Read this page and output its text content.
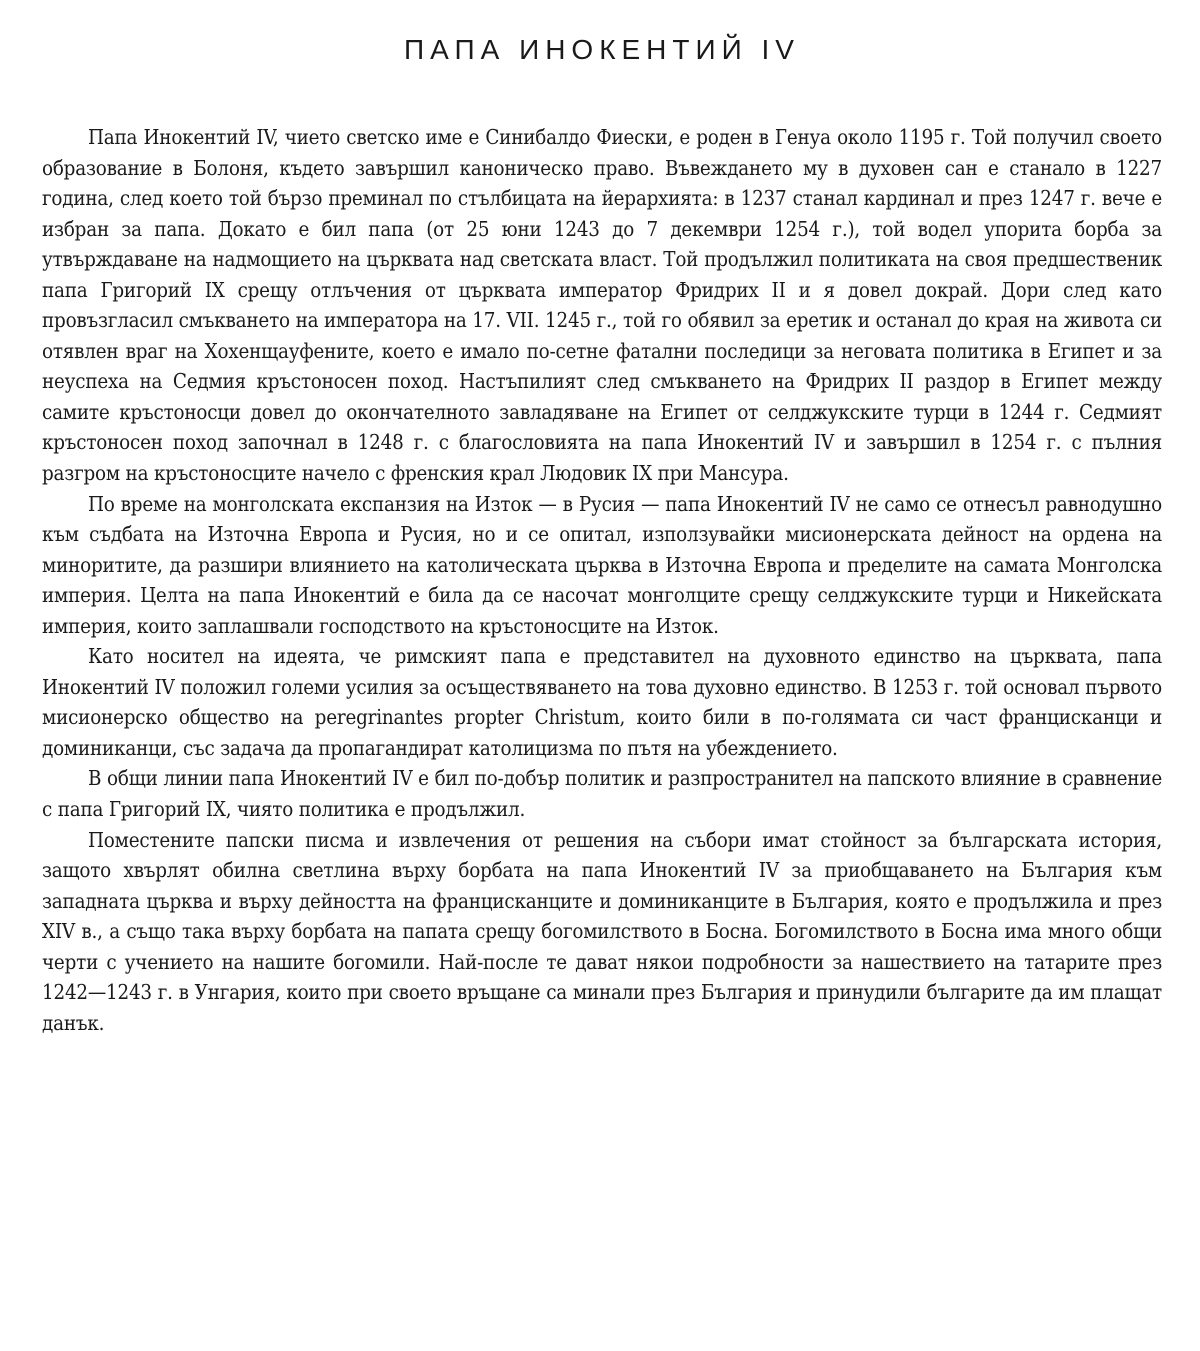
ПАПА ИНОКЕНТИЙ IV

Папа Инокентий IV, чието светско име е Синибалдо Фиески, е роден в Генуа около 1195 г. Той получил своето образование в Болоня, където завършил каноническо право. Въвеждането му в духовен сан е станало в 1227 година, след което той бързо преминал по стълбицата на йерархията: в 1237 станал кардинал и през 1247 г. вече е избран за папа. Докато е бил папа (от 25 юни 1243 до 7 декември 1254 г.), той водел упорита борба за утвърждаване на надмощието на църквата над светската власт. Той продължил политиката на своя предшественик папа Григорий IX срещу отлъчения от църквата император Фридрих II и я довел докрай. Дори след като провъзгласил смъкването на императора на 17. VII. 1245 г., той го обявил за еретик и останал до края на живота си отявлен враг на Хохенщауфените, което е имало по-сетне фатални последици за неговата политика в Египет и за неуспеха на Седмия кръстоносен поход. Настъпилият след смъкването на Фридрих II раздор в Египет между самите кръстоносци довел до окончателното завладяване на Египет от селджукските турци в 1244 г. Седмият кръстоносен поход започнал в 1248 г. с благословията на папа Инокентий IV и завършил в 1254 г. с пълния разгром на кръстоносците начело с френския крал Людовик IX при Мансура.

По време на монголската експанзия на Изток — в Русия — папа Инокентий IV не само се отнесъл равнодушно към съдбата на Източна Европа и Русия, но и се опитал, използувайки мисионерската дейност на ордена на миноритите, да разшири влиянието на католическата църква в Източна Европа и пределите на самата Монголска империя. Целта на папа Инокентий е била да се насочат монголците срещу селджукските турци и Никейската империя, които заплашвали господството на кръстоносците на Изток.

Като носител на идеята, че римският папа е представител на духовното единство на църквата, папа Инокентий IV положил големи усилия за осъществяването на това духовно единство. В 1253 г. той основал първото мисионерско общество на peregrinantes propter Christum, които били в по-голямата си част францисканци и доминиканци, със задача да пропагандират католицизма по пътя на убеждението.

В общи линии папа Инокентий IV е бил по-добър политик и разпространител на папското влияние в сравнение с папа Григорий IX, чиято политика е продължил.

Поместените папски писма и извлечения от решения на събори имат стойност за българската история, защото хвърлят обилна светлина върху борбата на папа Инокентий IV за приобщаването на България към западната църква и върху дейността на францисканците и доминиканците в България, която е продължила и през XIV в., а също така върху борбата на папата срещу богомилството в Босна. Богомилството в Босна има много общи черти с учението на нашите богомили. Най-после те дават някои подробности за нашествието на татарите през 1242—1243 г. в Унгария, които при своето връщане са минали през България и принудили българите да им плащат данък.
